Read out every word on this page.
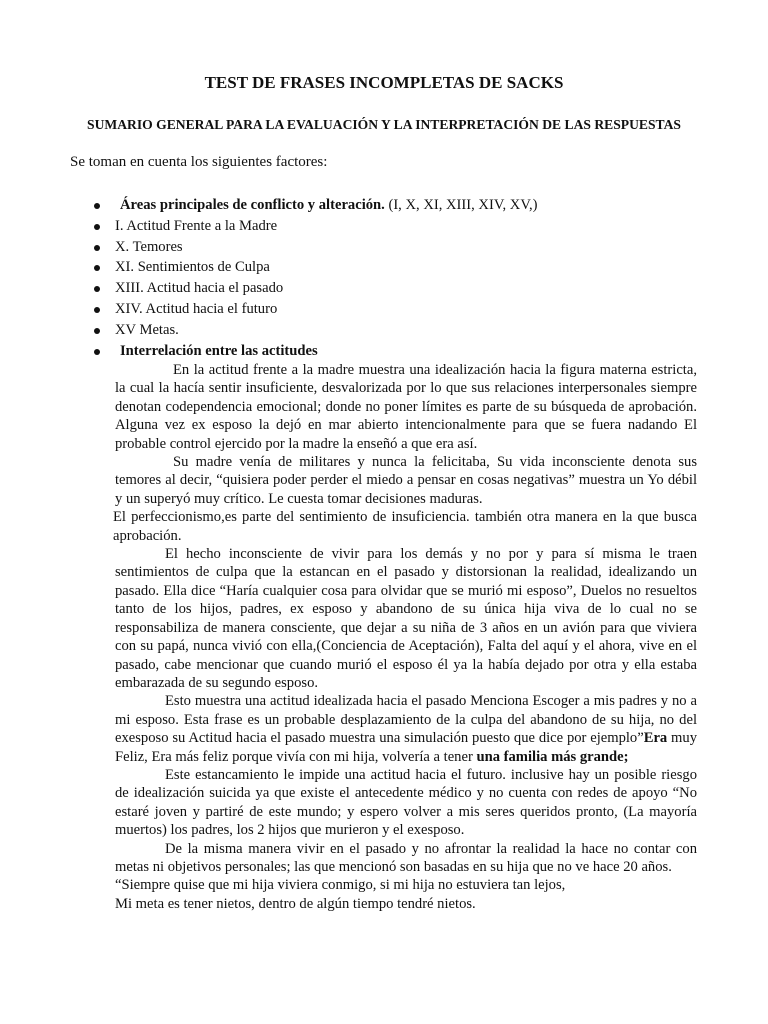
TEST DE FRASES INCOMPLETAS DE SACKS
SUMARIO GENERAL PARA LA EVALUACIÓN Y LA INTERPRETACIÓN DE LAS RESPUESTAS

Se toman en cuenta los siguientes factores:

Áreas principales de conflicto y alteración. (I, X, XI, XIII, XIV, XV,)
I. Actitud Frente a la Madre
X. Temores
XI. Sentimientos de Culpa
XIII. Actitud hacia el pasado
XIV. Actitud hacia el futuro
XV Metas.
Interrelación entre las actitudes

En la actitud frente a la madre muestra una idealización hacia la figura materna estricta, la cual la hacía sentir insuficiente, desvalorizada por lo que sus relaciones interpersonales siempre denotan codependencia emocional; donde no poner límites es parte de su búsqueda de aprobación. Alguna vez ex esposo la dejó en mar abierto intencionalmente para que se fuera nadando El probable control ejercido por la madre la enseñó a que era así.

Su madre venía de militares y nunca la felicitaba, Su vida inconsciente denota sus temores al decir, “quisiera poder perder el miedo a pensar en cosas negativas” muestra un Yo débil y un superyó muy crítico. Le cuesta tomar decisiones maduras.

El perfeccionismo,es parte del sentimiento de insuficiencia. también otra manera en la que busca aprobación.

El hecho inconsciente de vivir para los demás y no por y para sí misma le traen sentimientos de culpa que la estancan en el pasado y distorsionan la realidad, idealizando un pasado. Ella dice “Haría cualquier cosa para olvidar que se murió mi esposo”, Duelos no resueltos tanto de los hijos, padres, ex esposo y abandono de su única hija viva de lo cual no se responsabiliza de manera consciente, que dejar a su niña de 3 años en un avión para que viviera con su papá, nunca vivió con ella,(Conciencia de Aceptación), Falta del aquí y el ahora, vive en el pasado, cabe mencionar que cuando murió el esposo él ya la había dejado por otra y ella estaba embarazada de su segundo esposo.

Esto muestra una actitud idealizada hacia el pasado Menciona Escoger a mis padres y no a mi esposo. Esta frase es un probable desplazamiento de la culpa del abandono de su hija, no del exesposo su Actitud hacia el pasado muestra una simulación puesto que dice por ejemplo”Era muy Feliz, Era más feliz porque vivía con mi hija, volvería a tener una familia más grande;

Este estancamiento le impide una actitud hacia el futuro. inclusive hay un posible riesgo de idealización suicida ya que existe el antecedente médico y no cuenta con redes de apoyo “No estaré joven y partiré de este mundo; y espero volver a mis seres queridos pronto, (La mayoría muertos) los padres, los 2 hijos que murieron y el exesposo.

De la misma manera vivir en el pasado y no afrontar la realidad la hace no contar con metas ni objetivos personales; las que mencionó son basadas en su hija que no ve hace 20 años.

“Siempre quise que mi hija viviera conmigo, si mi hija no estuviera tan lejos,

Mi meta es tener nietos, dentro de algún tiempo tendré nietos.
